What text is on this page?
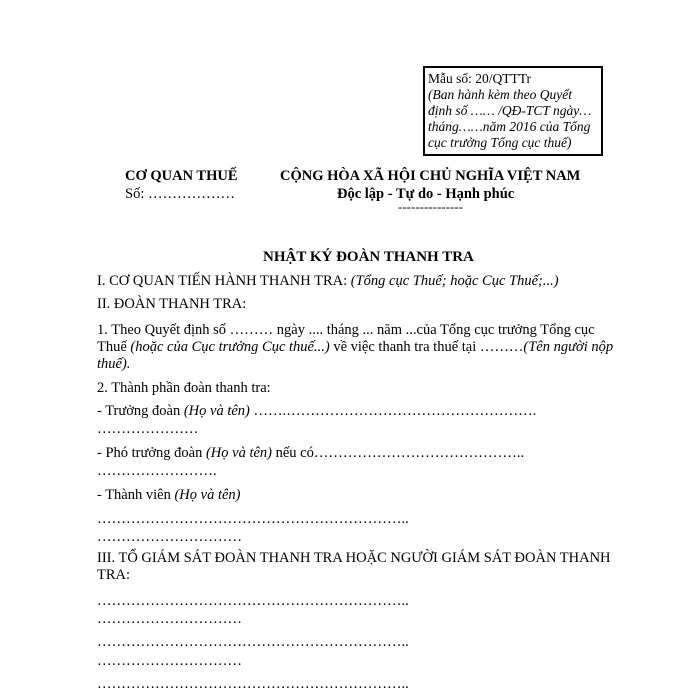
Mẫu số: 20/QTTTr
(Ban hành kèm theo Quyết
định số …… /QĐ-TCT ngày…
tháng……năm 2016 của Tổng
cục trưởng Tổng cục thuế)
CƠ QUAN THUẾ
Số: ………………
CỘNG HÒA XÃ HỘI CHỦ NGHĨA VIỆT NAM
Độc lập - Tự do - Hạnh phúc
---------------
NHẬT KÝ ĐOÀN THANH TRA
I. CƠ QUAN TIẾN HÀNH THANH TRA: (Tổng cục Thuế; hoặc Cục Thuế;...)
II. ĐOÀN THANH TRA:
1. Theo Quyết định số ……… ngày .... tháng ... năm ...của Tổng cục trưởng Tổng cục
Thuế (hoặc của Cục trưởng Cục thuế...) về việc thanh tra thuế tại ………(Tên người nộp
thuế).
2. Thành phần đoàn thanh tra:
- Trưởng đoàn (Họ và tên) …….…………………………………………….
…………………
- Phó trưởng đoàn (Họ và tên) nếu có……………………………………..
…………………….
- Thành viên (Họ và tên)
………………………………………………………..
…………………………
III. TỔ GIÁM SÁT ĐOÀN THANH TRA HOẶC NGƯỜI GIÁM SÁT ĐOÀN THANH
TRA:
………………………………………………………..
…………………………
………………………………………………………..
…………………………
………………………………………………………..
